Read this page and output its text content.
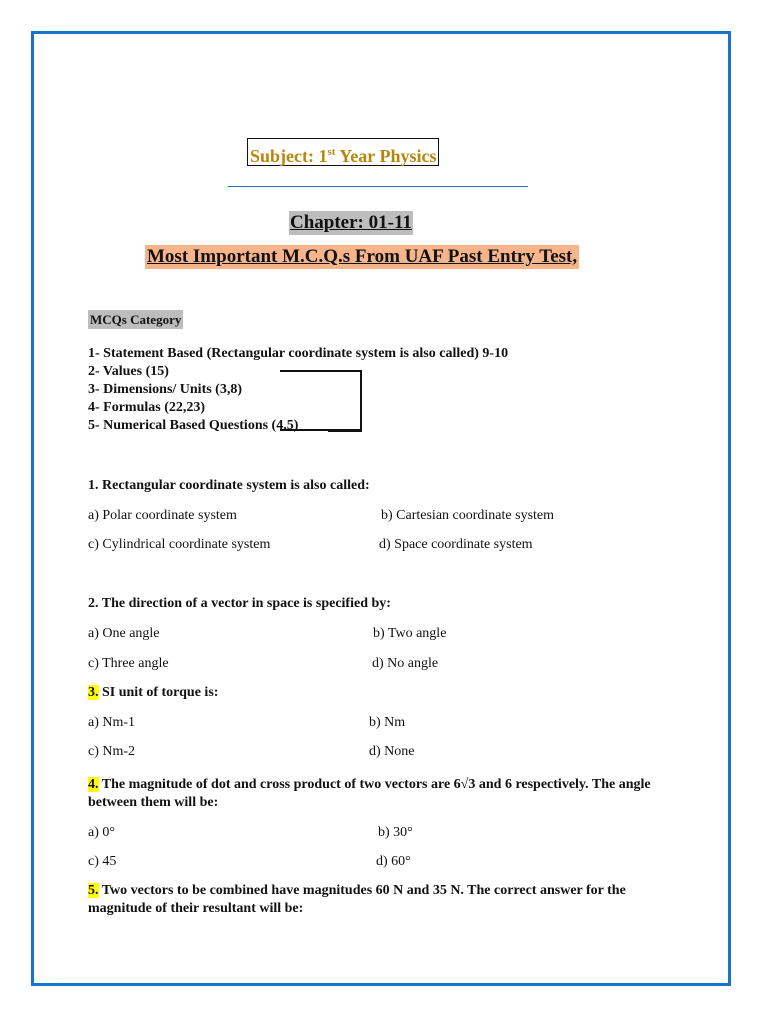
Subject: 1st Year Physics
Chapter: 01-11
Most Important M.C.Q.s From UAF Past Entry Test,
MCQs Category
1- Statement Based (Rectangular coordinate system is also called) 9-10
2- Values (15)
3- Dimensions/ Units (3,8)
4- Formulas (22,23)
5- Numerical Based Questions (4,5)
1. Rectangular coordinate system is also called:
a) Polar coordinate system	b) Cartesian coordinate system
c) Cylindrical coordinate system	d) Space coordinate system
2. The direction of a vector in space is specified by:
a) One angle	b) Two angle
c) Three angle	d) No angle
3. SI unit of torque is:
a) Nm-1	b) Nm
c) Nm-2	d) None
4. The magnitude of dot and cross product of two vectors are 6√3 and 6 respectively. The angle between them will be:
a) 0°	b) 30°
c) 45	d) 60°
5. Two vectors to be combined have magnitudes 60 N and 35 N. The correct answer for the magnitude of their resultant will be:
